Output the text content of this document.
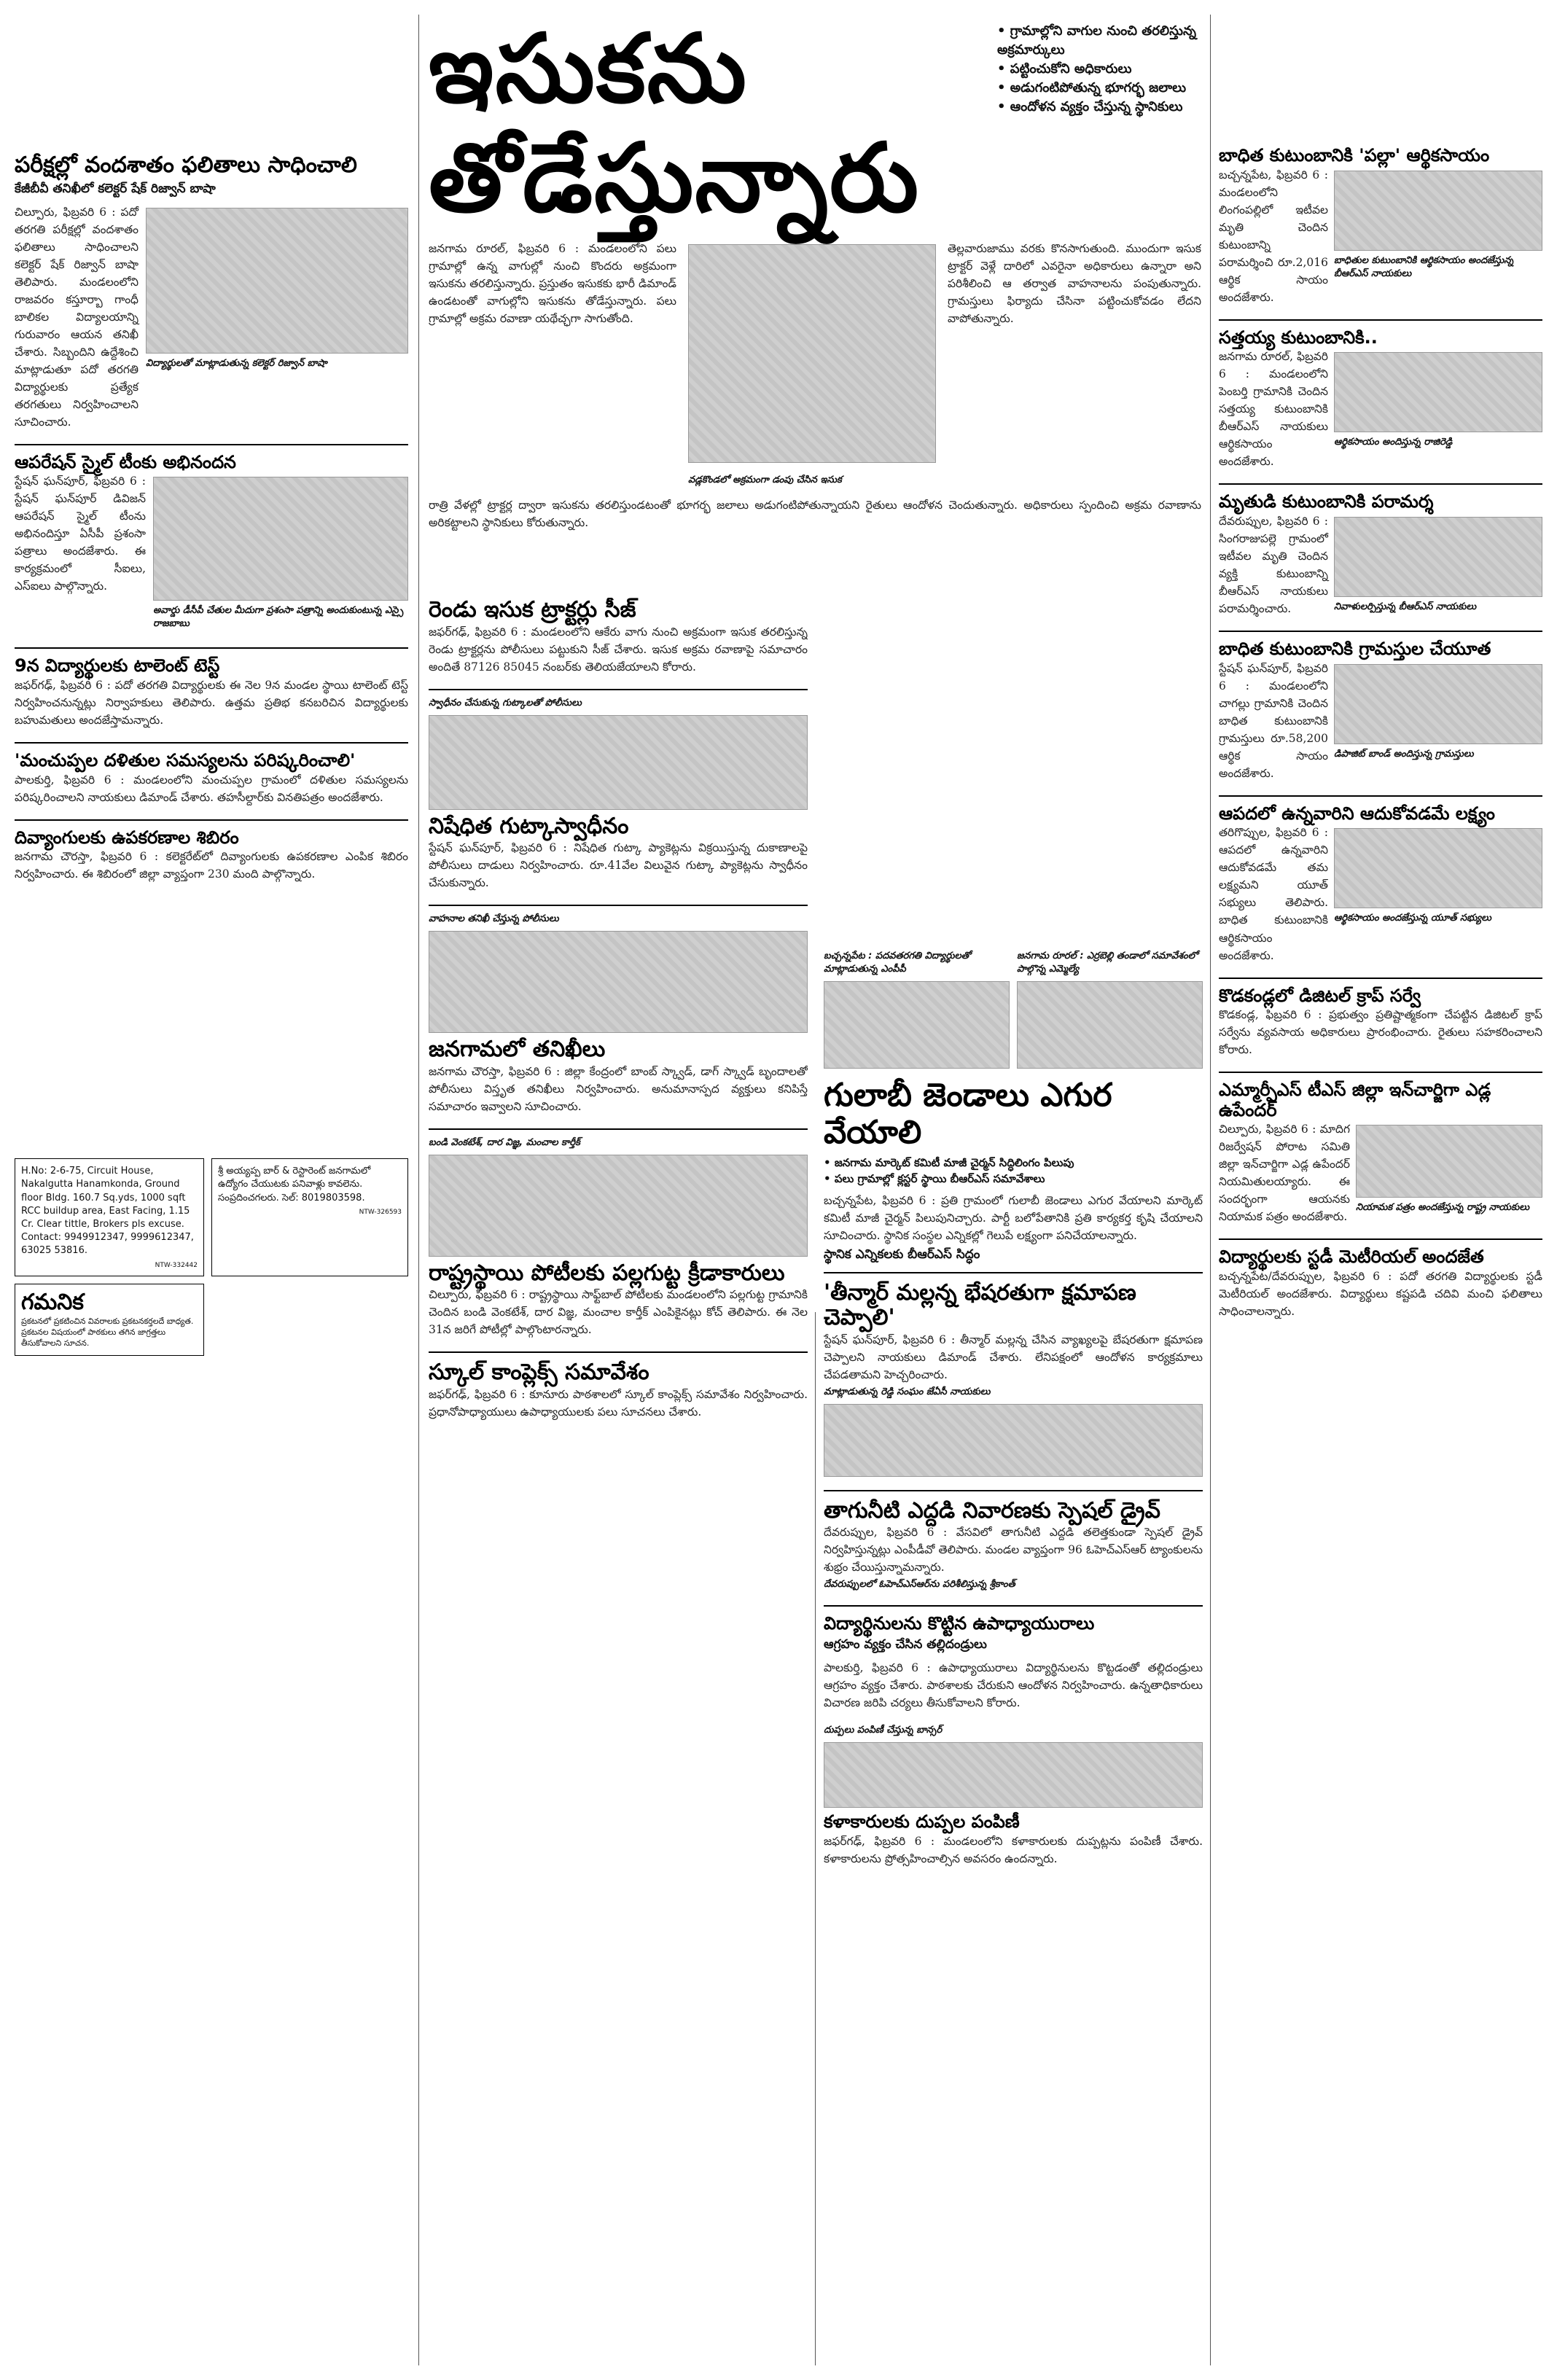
పరీక్షల్లో వందశాతం ఫలితాలు సాధించాలి
కేజీబీవీ తనిఖీలో కలెక్టర్ షేక్ రిజ్వాన్ బాషా
చిల్పూరు, ఫిబ్రవరి 6 : పదో తరగతి పరీక్షల్లో వందశాతం ఫలితాలు సాధించాలని కలెక్టర్ షేక్ రిజ్వాన్ బాషా తెలిపారు. మండలంలోని రాజవరం కస్తూర్బా గాంధీ బాలికల విద్యాలయాన్ని గురువారం ఆయన తనిఖీ చేశారు. సిబ్బందిని ఉద్దేశించి మాట్లాడుతూ పదో తరగతి విద్యార్థులకు ప్రత్యేక తరగతులు నిర్వహించాలని సూచించారు.
విద్యార్థులతో మాట్లాడుతున్న కలెక్టర్ రిజ్వాన్ బాషా
ఆపరేషన్ స్మైల్ టీంకు అభినందన
స్టేషన్ ఘన్‌పూర్, ఫిబ్రవరి 6 : స్టేషన్ ఘన్‌పూర్ డివిజన్ ఆపరేషన్ స్మైల్ టీంను అభినందిస్తూ ఏసీపీ ప్రశంసా పత్రాలు అందజేశారు. ఈ కార్యక్రమంలో సీఐలు, ఎస్ఐలు పాల్గొన్నారు.
అవార్డు డీసీపీ చేతుల మీదుగా ప్రశంసా పత్రాన్ని అందుకుంటున్న ఎస్సై రాజబాబు
9న విద్యార్థులకు టాలెంట్ టెస్ట్
జఫర్‌గఢ్, ఫిబ్రవరి 6 : పదో తరగతి విద్యార్థులకు ఈ నెల 9న మండల స్థాయి టాలెంట్ టెస్ట్ నిర్వహించనున్నట్లు నిర్వాహకులు తెలిపారు. ఉత్తమ ప్రతిభ కనబరిచిన విద్యార్థులకు బహుమతులు అందజేస్తామన్నారు.
'మంచుప్పల దళితుల సమస్యలను పరిష్కరించాలి'
పాలకుర్తి, ఫిబ్రవరి 6 : మండలంలోని మంచుప్పల గ్రామంలో దళితుల సమస్యలను పరిష్కరించాలని నాయకులు డిమాండ్ చేశారు. తహసీల్దార్‌కు వినతిపత్రం అందజేశారు.
దివ్యాంగులకు ఉపకరణాల శిబిరం
జనగామ చౌరస్తా, ఫిబ్రవరి 6 : కలెక్టరేట్‌లో దివ్యాంగులకు ఉపకరణాల ఎంపిక శిబిరం నిర్వహించారు. ఈ శిబిరంలో జిల్లా వ్యాప్తంగా 230 మంది పాల్గొన్నారు.
H.No: 2-6-75, Circuit House, Nakalgutta Hanamkonda, Ground floor Bldg. 160.7 Sq.yds, 1000 sqft RCC buildup area, East Facing, 1.15 Cr. Clear tittle, Brokers pls excuse. Contact: 9949912347, 9999612347, 63025 53816.
NTW-332442
శ్రీ అయ్యప్ప బార్ & రెస్టారెంట్ జనగామలో ఉద్యోగం చేయుటకు పనివాళ్లు కావలెను. సంప్రదించగలరు. సెల్: 8019803598.
NTW-326593
గమనిక
ప్రకటనలో ప్రకటించిన వివరాలకు ప్రకటనకర్తలదే బాధ్యత. ప్రకటనల విషయంలో పాఠకులు తగిన జాగ్రత్తలు తీసుకోవాలని సూచన.
ఇసుకను తోడేస్తున్నారు
• గ్రామాల్లోని వాగుల నుంచి తరలిస్తున్న అక్రమార్కులు
• పట్టించుకోని అధికారులు
• అడుగంటిపోతున్న భూగర్భ జలాలు
• ఆందోళన వ్యక్తం చేస్తున్న స్థానికులు
జనగామ రూరల్, ఫిబ్రవరి 6 : మండలంలోని పలు గ్రామాల్లో ఉన్న వాగుల్లో నుంచి కొందరు అక్రమంగా ఇసుకను తరలిస్తున్నారు. ప్రస్తుతం ఇసుకకు భారీ డిమాండ్ ఉండటంతో వాగుల్లోని ఇసుకను తోడేస్తున్నారు. పలు గ్రామాల్లో అక్రమ రవాణా యథేచ్ఛగా సాగుతోంది.
తెల్లవారుజాము వరకు కొనసాగుతుంది. ముందుగా ఇసుక ట్రాక్టర్ వెళ్లే దారిలో ఎవరైనా అధికారులు ఉన్నారా అని పరిశీలించి ఆ తర్వాత వాహనాలను పంపుతున్నారు. గ్రామస్తులు ఫిర్యాదు చేసినా పట్టించుకోవడం లేదని వాపోతున్నారు.
వడ్లకొండలో అక్రమంగా డంపు చేసిన ఇసుక
రాత్రి వేళల్లో ట్రాక్టర్ల ద్వారా ఇసుకను తరలిస్తుండటంతో భూగర్భ జలాలు అడుగంటిపోతున్నాయని రైతులు ఆందోళన చెందుతున్నారు. అధికారులు స్పందించి అక్రమ రవాణాను అరికట్టాలని స్థానికులు కోరుతున్నారు.
రెండు ఇసుక ట్రాక్టర్లు సీజ్
జఫర్‌గఢ్, ఫిబ్రవరి 6 : మండలంలోని ఆకేరు వాగు నుంచి అక్రమంగా ఇసుక తరలిస్తున్న రెండు ట్రాక్టర్లను పోలీసులు పట్టుకుని సీజ్ చేశారు. ఇసుక అక్రమ రవాణాపై సమాచారం అందితే 87126 85045 నంబర్‌కు తెలియజేయాలని కోరారు.
స్వాధీనం చేసుకున్న గుట్కాలతో పోలీసులు
నిషేధిత గుట్కాస్వాధీనం
స్టేషన్ ఘన్‌పూర్, ఫిబ్రవరి 6 : నిషేధిత గుట్కా ప్యాకెట్లను విక్రయిస్తున్న దుకాణాలపై పోలీసులు దాడులు నిర్వహించారు. రూ.41వేల విలువైన గుట్కా ప్యాకెట్లను స్వాధీనం చేసుకున్నారు.
వాహనాల తనిఖీ చేస్తున్న పోలీసులు
జనగామలో తనిఖీలు
జనగామ చౌరస్తా, ఫిబ్రవరి 6 : జిల్లా కేంద్రంలో బాంబ్ స్క్వాడ్, డాగ్ స్క్వాడ్ బృందాలతో పోలీసులు విస్తృత తనిఖీలు నిర్వహించారు. అనుమానాస్పద వ్యక్తులు కనిపిస్తే సమాచారం ఇవ్వాలని సూచించారు.
బండి వెంకటేశ్, దార విజ్ఞ, మంచాల కార్తీక్
రాష్ట్రస్థాయి పోటీలకు పల్లగుట్ట క్రీడాకారులు
చిల్పూరు, ఫిబ్రవరి 6 : రాష్ట్రస్థాయి సాఫ్ట్‌బాల్ పోటీలకు మండలంలోని పల్లగుట్ట గ్రామానికి చెందిన బండి వెంకటేశ్, దార విజ్ఞ, మంచాల కార్తీక్ ఎంపికైనట్లు కోచ్ తెలిపారు. ఈ నెల 31న జరిగే పోటీల్లో పాల్గొంటారన్నారు.
స్కూల్ కాంప్లెక్స్ సమావేశం
జఫర్‌గఢ్, ఫిబ్రవరి 6 : కూనూరు పాఠశాలలో స్కూల్ కాంప్లెక్స్ సమావేశం నిర్వహించారు. ప్రధానోపాధ్యాయులు ఉపాధ్యాయులకు పలు సూచనలు చేశారు.
బచ్చన్నపేట : పదవతరగతి విద్యార్థులతో మాట్లాడుతున్న ఎంపీపీ
జనగామ రూరల్ : ఎర్రబెల్లి తండాలో సమావేశంలో పాల్గొన్న ఎమ్మెల్యే
గులాబీ జెండాలు ఎగుర వేయాలి
• జనగామ మార్కెట్ కమిటీ మాజీ చైర్మన్ సిద్ధిలింగం పిలుపు
• పలు గ్రామాల్లో క్లస్టర్ స్థాయి బీఆర్ఎస్ సమావేశాలు
బచ్చన్నపేట, ఫిబ్రవరి 6 : ప్రతి గ్రామంలో గులాబీ జెండాలు ఎగుర వేయాలని మార్కెట్ కమిటీ మాజీ చైర్మన్ పిలుపునిచ్చారు. పార్టీ బలోపేతానికి ప్రతి కార్యకర్త కృషి చేయాలని సూచించారు. స్థానిక సంస్థల ఎన్నికల్లో గెలుపే లక్ష్యంగా పనిచేయాలన్నారు.
స్థానిక ఎన్నికలకు బీఆర్ఎస్ సిద్ధం
'తీన్మార్ మల్లన్న భేషరతుగా క్షమాపణ చెప్పాలి'
స్టేషన్ ఘన్‌పూర్, ఫిబ్రవరి 6 : తీన్మార్ మల్లన్న చేసిన వ్యాఖ్యలపై బేషరతుగా క్షమాపణ చెప్పాలని నాయకులు డిమాండ్ చేశారు. లేనిపక్షంలో ఆందోళన కార్యక్రమాలు చేపడతామని హెచ్చరించారు.
మాట్లాడుతున్న రెడ్డి సంఘం జేఏసీ నాయకులు
తాగునీటి ఎద్దడి నివారణకు స్పెషల్ డ్రైవ్
దేవరుప్పుల, ఫిబ్రవరి 6 : వేసవిలో తాగునీటి ఎద్దడి తలెత్తకుండా స్పెషల్ డ్రైవ్ నిర్వహిస్తున్నట్లు ఎంపీడీవో తెలిపారు. మండల వ్యాప్తంగా 96 ఓహెచ్ఎస్ఆర్ ట్యాంకులను శుభ్రం చేయిస్తున్నామన్నారు.
దేవరుప్పులలో ఓహెచ్ఎస్ఆర్‌ను పరిశీలిస్తున్న శ్రీకాంత్
విద్యార్థినులను కొట్టిన ఉపాధ్యాయురాలు
ఆగ్రహం వ్యక్తం చేసిన తల్లిదండ్రులు
పాలకుర్తి, ఫిబ్రవరి 6 : ఉపాధ్యాయురాలు విద్యార్థినులను కొట్టడంతో తల్లిదండ్రులు ఆగ్రహం వ్యక్తం చేశారు. పాఠశాలకు చేరుకుని ఆందోళన నిర్వహించారు. ఉన్నతాధికారులు విచారణ జరిపి చర్యలు తీసుకోవాలని కోరారు.
దుప్పలు పంపిణీ చేస్తున్న బాన్సర్
కళాకారులకు దుప్పల పంపిణీ
జఫర్‌గఢ్, ఫిబ్రవరి 6 : మండలంలోని కళాకారులకు దుప్పట్లను పంపిణీ చేశారు. కళాకారులను ప్రోత్సహించాల్సిన అవసరం ఉందన్నారు.
బాధిత కుటుంబానికి 'పల్లా' ఆర్థికసాయం
బచ్చన్నపేట, ఫిబ్రవరి 6 : మండలంలోని లింగంపల్లిలో ఇటీవల మృతి చెందిన కుటుంబాన్ని పరామర్శించి రూ.2,016 ఆర్థిక సాయం అందజేశారు.
బాధితుల కుటుంబానికి ఆర్థికసాయం అందజేస్తున్న బీఆర్ఎస్ నాయకులు
సత్తయ్య కుటుంబానికి..
జనగామ రూరల్, ఫిబ్రవరి 6 : మండలంలోని పెంబర్తి గ్రామానికి చెందిన సత్తయ్య కుటుంబానికి బీఆర్ఎస్ నాయకులు ఆర్థికసాయం అందజేశారు.
ఆర్థికసాయం అందిస్తున్న రాజిరెడ్డి
మృతుడి కుటుంబానికి పరామర్శ
దేవరుప్పుల, ఫిబ్రవరి 6 : సింగరాజుపల్లె గ్రామంలో ఇటీవల మృతి చెందిన వ్యక్తి కుటుంబాన్ని బీఆర్ఎస్ నాయకులు పరామర్శించారు.	నివాళులర్పిస్తున్న బీఆర్ఎస్ నాయకులు
బాధిత కుటుంబానికి గ్రామస్తుల చేయూత
స్టేషన్ ఘన్‌పూర్, ఫిబ్రవరి 6 : మండలంలోని చాగల్లు గ్రామానికి చెందిన బాధిత కుటుంబానికి గ్రామస్తులు రూ.58,200 ఆర్థిక సాయం అందజేశారు.
డిపాజిట్ బాండ్ అందిస్తున్న గ్రామస్తులు
ఆపదలో ఉన్నవారిని ఆదుకోవడమే లక్ష్యం
తరిగొప్పుల, ఫిబ్రవరి 6 : ఆపదలో ఉన్నవారిని ఆదుకోవడమే తమ లక్ష్యమని యూత్ సభ్యులు తెలిపారు. బాధిత కుటుంబానికి ఆర్థికసాయం అందజేశారు.
ఆర్థికసాయం అందజేస్తున్న యూత్ సభ్యులు
కొడకండ్లలో డిజిటల్ క్రాప్ సర్వే
కొడకండ్ల, ఫిబ్రవరి 6 : ప్రభుత్వం ప్రతిష్టాత్మకంగా చేపట్టిన డిజిటల్ క్రాప్ సర్వేను వ్యవసాయ అధికారులు ప్రారంభించారు. రైతులు సహకరించాలని కోరారు.
ఎమ్మార్పీఎస్ టీఎస్ జిల్లా ఇన్‌చార్జిగా ఎడ్ల ఉపేందర్
చిల్పూరు, ఫిబ్రవరి 6 : మాదిగ రిజర్వేషన్ పోరాట సమితి జిల్లా ఇన్‌చార్జిగా ఎడ్ల ఉపేందర్ నియమితులయ్యారు. ఈ సందర్భంగా ఆయనకు నియామక పత్రం అందజేశారు.
నియామక పత్రం అందజేస్తున్న రాష్ట్ర నాయకులు
విద్యార్థులకు స్టడీ మెటీరియల్ అందజేత
బచ్చన్నపేట/దేవరుప్పుల, ఫిబ్రవరి 6 : పదో తరగతి విద్యార్థులకు స్టడీ మెటీరియల్ అందజేశారు. విద్యార్థులు కష్టపడి చదివి మంచి ఫలితాలు సాధించాలన్నారు.
